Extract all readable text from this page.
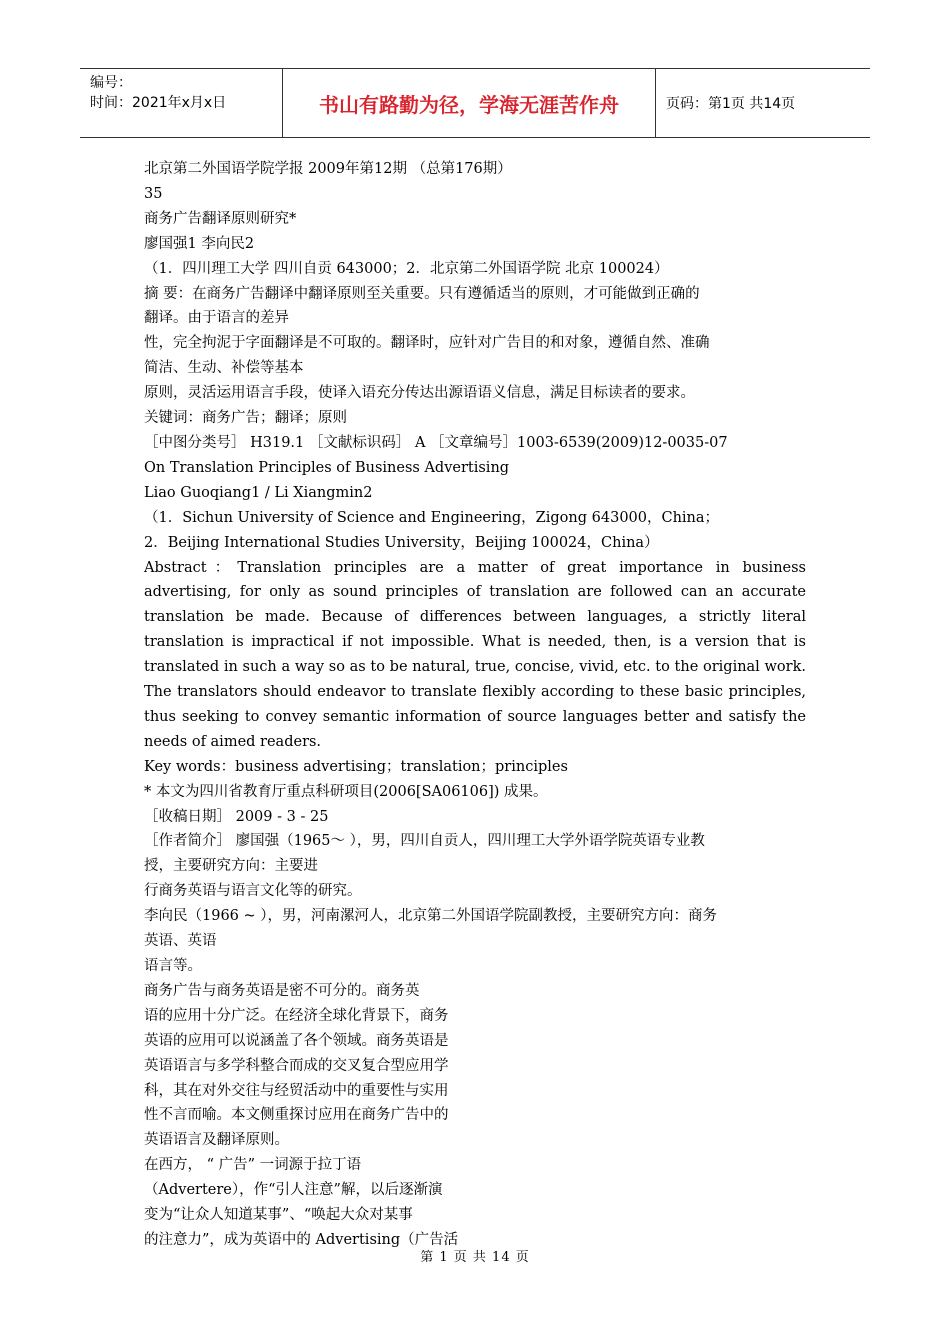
编号：
时间：2021年x月x日	书山有路勤为径，学海无涯苦作舟	页码：第1页 共14页
北京第二外国语学院学报 2009年第12期 （总第176期）
35
商务广告翻译原则研究*
廖国强1 李向民2
（1．四川理工大学 四川自贡 643000；2．北京第二外国语学院 北京 100024）
摘 要：在商务广告翻译中翻译原则至关重要。只有遵循适当的原则，才可能做到正确的
翻译。由于语言的差异
性，完全拘泥于字面翻译是不可取的。翻译时，应针对广告目的和对象，遵循自然、准确
简洁、生动、补偿等基本
原则，灵活运用语言手段，使译入语充分传达出源语语义信息，满足目标读者的要求。
关键词：商务广告；翻译；原则
［中图分类号］ H319.1 ［文献标识码］ A ［文章编号］1003-6539(2009)12-0035-07
On Translation Principles of Business Advertising
Liao Guoqiang1 / Li Xiangmin2
（1．Sichun University of Science and Engineering，Zigong 643000，China；
2．Beijing International Studies University，Beijing 100024，China）
Abstract：Translation principles are a matter of great importance in business advertising, for only as sound principles of translation are followed can an accurate translation be made. Because of differences between languages, a strictly literal translation is impractical if not impossible. What is needed, then, is a version that is translated in such a way so as to be natural, true, concise, vivid, etc. to the original work. The translators should endeavor to translate flexibly according to these basic principles, thus seeking to convey semantic information of source languages better and satisfy the needs of aimed readers.
Key words：business advertising；translation；principles
* 本文为四川省教育厅重点科研项目(2006[SA06106]) 成果。
［收稿日期］ 2009 - 3 - 25
［作者简介］ 廖国强（1965～ ），男，四川自贡人，四川理工大学外语学院英语专业教
授，主要研究方向：主要进
行商务英语与语言文化等的研究。
李向民（1966 ~ ），男，河南漯河人，北京第二外国语学院副教授，主要研究方向：商务
英语、英语
语言等。
商务广告与商务英语是密不可分的。商务英
语的应用十分广泛。在经济全球化背景下，商务
英语的应用可以说涵盖了各个领域。商务英语是
英语语言与多学科整合而成的交叉复合型应用学
科，其在对外交往与经贸活动中的重要性与实用
性不言而喻。本文侧重探讨应用在商务广告中的
英语语言及翻译原则。
在西方， “ 广告” 一词源于拉丁语
（Advertere），作“引人注意”解，以后逐渐演
变为“让众人知道某事”、“唤起大众对某事
的注意力”，成为英语中的 Advertising（广告活
第 1 页 共 14 页
